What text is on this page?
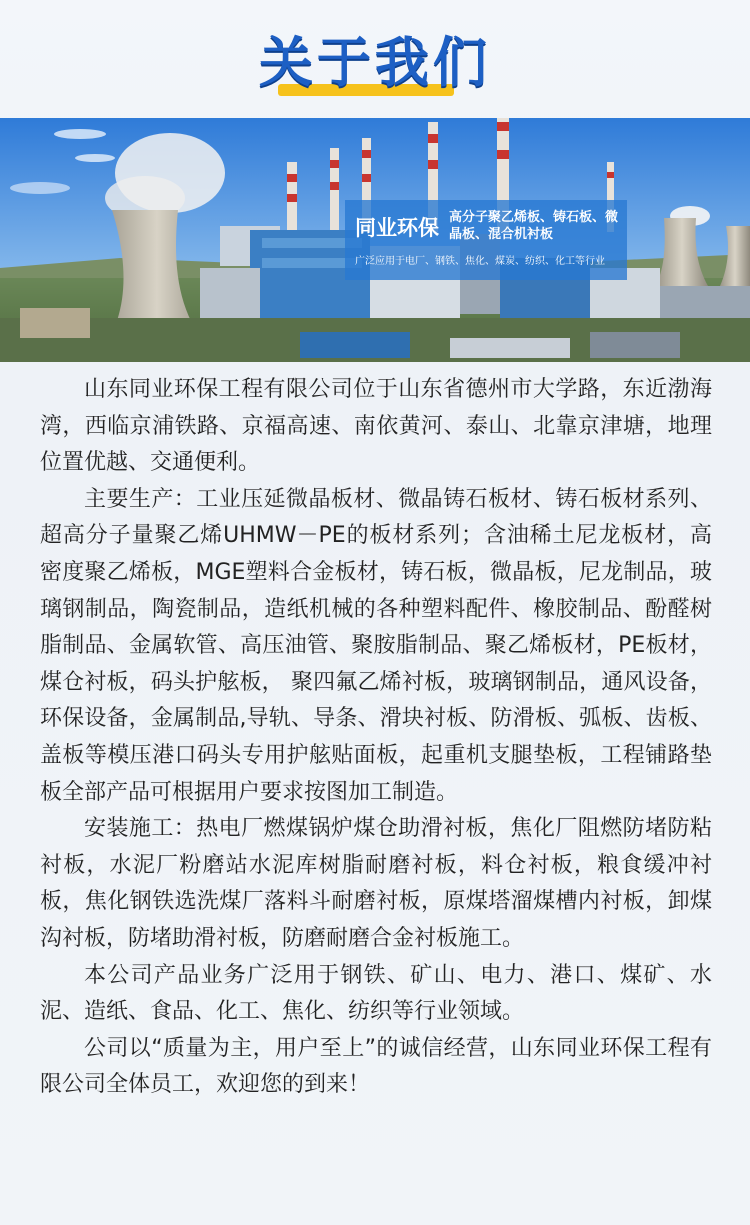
关于我们
同业环保 高分子聚乙烯板、铸石板、微晶板、混合机衬板
广泛应用于电厂、钢铁、焦化、煤炭、纺织、化工等行业

山东同业环保工程有限公司位于山东省德州市大学路，东近渤海湾，西临京浦铁路、京福高速、南依黄河、泰山、北靠京津塘，地理位置优越、交通便利。

主要生产：工业压延微晶板材、微晶铸石板材、铸石板材系列、超高分子量聚乙烯UHMW－PE的板材系列；含油稀土尼龙板材，高密度聚乙烯板，MGE塑料合金板材，铸石板，微晶板，尼龙制品，玻璃钢制品，陶瓷制品，造纸机械的各种塑料配件、橡胶制品、酚醛树脂制品、金属软管、高压油管、聚胺脂制品、聚乙烯板材，PE板材，煤仓衬板，码头护舷板， 聚四氟乙烯衬板，玻璃钢制品，通风设备，环保设备，金属制品,导轨、导条、滑块衬板、防滑板、弧板、齿板、盖板等模压港口码头专用护舷贴面板，起重机支腿垫板，工程铺路垫板全部产品可根据用户要求按图加工制造。

安装施工：热电厂燃煤锅炉煤仓助滑衬板，焦化厂阻燃防堵防粘衬板，水泥厂粉磨站水泥库树脂耐磨衬板，料仓衬板，粮食缓冲衬板，焦化钢铁选洗煤厂落料斗耐磨衬板，原煤塔溜煤槽内衬板，卸煤沟衬板，防堵助滑衬板，防磨耐磨合金衬板施工。

本公司产品业务广泛用于钢铁、矿山、电力、港口、煤矿、水泥、造纸、食品、化工、焦化、纺织等行业领域。

公司以“质量为主，用户至上”的诚信经营，山东同业环保工程有限公司全体员工，欢迎您的到来！
